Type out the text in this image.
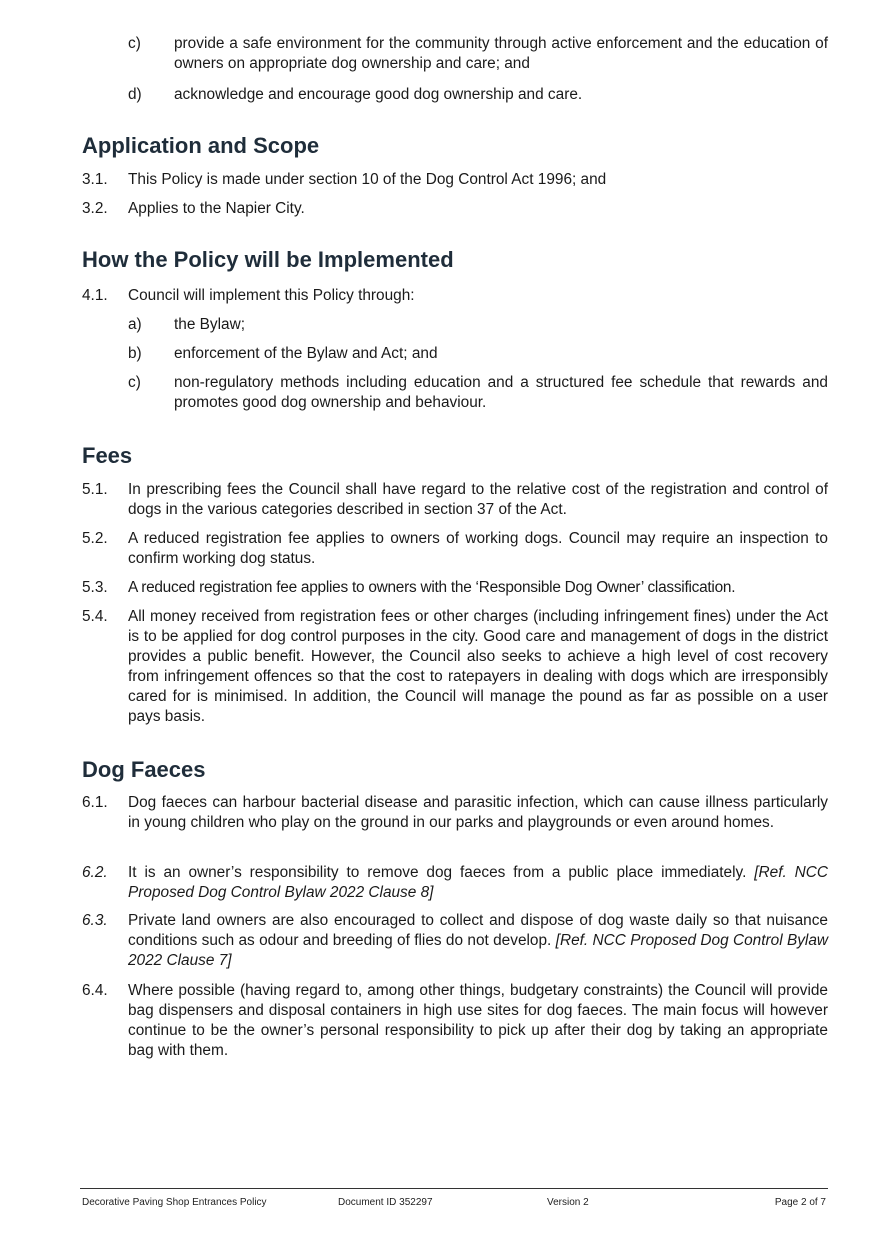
c) provide a safe environment for the community through active enforcement and the education of owners on appropriate dog ownership and care; and
d) acknowledge and encourage good dog ownership and care.
Application and Scope
3.1. This Policy is made under section 10 of the Dog Control Act 1996; and
3.2. Applies to the Napier City.
How the Policy will be Implemented
4.1. Council will implement this Policy through:
a) the Bylaw;
b) enforcement of the Bylaw and Act; and
c) non-regulatory methods including education and a structured fee schedule that rewards and promotes good dog ownership and behaviour.
Fees
5.1. In prescribing fees the Council shall have regard to the relative cost of the registration and control of dogs in the various categories described in section 37 of the Act.
5.2. A reduced registration fee applies to owners of working dogs. Council may require an inspection to confirm working dog status.
5.3. A reduced registration fee applies to owners with the ‘Responsible Dog Owner’ classification.
5.4. All money received from registration fees or other charges (including infringement fines) under the Act is to be applied for dog control purposes in the city. Good care and management of dogs in the district provides a public benefit. However, the Council also seeks to achieve a high level of cost recovery from infringement offences so that the cost to ratepayers in dealing with dogs which are irresponsibly cared for is minimised. In addition, the Council will manage the pound as far as possible on a user pays basis.
Dog Faeces
6.1. Dog faeces can harbour bacterial disease and parasitic infection, which can cause illness particularly in young children who play on the ground in our parks and playgrounds or even around homes.
6.2. It is an owner’s responsibility to remove dog faeces from a public place immediately. [Ref. NCC Proposed Dog Control Bylaw 2022 Clause 8]
6.3. Private land owners are also encouraged to collect and dispose of dog waste daily so that nuisance conditions such as odour and breeding of flies do not develop. [Ref. NCC Proposed Dog Control Bylaw 2022 Clause 7]
6.4. Where possible (having regard to, among other things, budgetary constraints) the Council will provide bag dispensers and disposal containers in high use sites for dog faeces. The main focus will however continue to be the owner’s personal responsibility to pick up after their dog by taking an appropriate bag with them.
Decorative Paving Shop Entrances Policy	Document ID 352297	Version 2	Page 2 of 7
